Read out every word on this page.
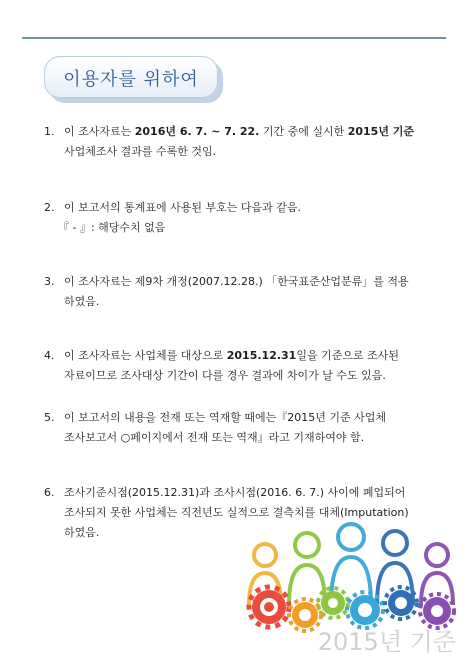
이용자를 위하여
1. 이 조사자료는 2016년 6. 7. ~ 7. 22. 기간 중에 실시한 2015년 기준
사업체조사 결과를 수록한 것임.
2. 이 보고서의 통계표에 사용된 부호는 다음과 같음.
『 - 』: 해당수치 없음
3. 이 조사자료는 제9차 개정(2007.12.28.) 「한국표준산업분류」를 적용
하였음.
4. 이 조사자료는 사업체를 대상으로 2015.12.31일을 기준으로 조사된
자료이므로 조사대상 기간이 다를 경우 결과에 차이가 날 수도 있음.
5. 이 보고서의 내용을 전재 또는 역재할 때에는『2015년 기준 사업체
조사보고서 ○페이지에서 전재 또는 역재』라고 기재하여야 함.
6. 조사기준시점(2015.12.31)과 조사시점(2016. 6. 7.) 사이에 폐업되어
조사되지 못한 사업체는 직전년도 실적으로 결측치를 대체(Imputation)
하였음.
2015년 기준
